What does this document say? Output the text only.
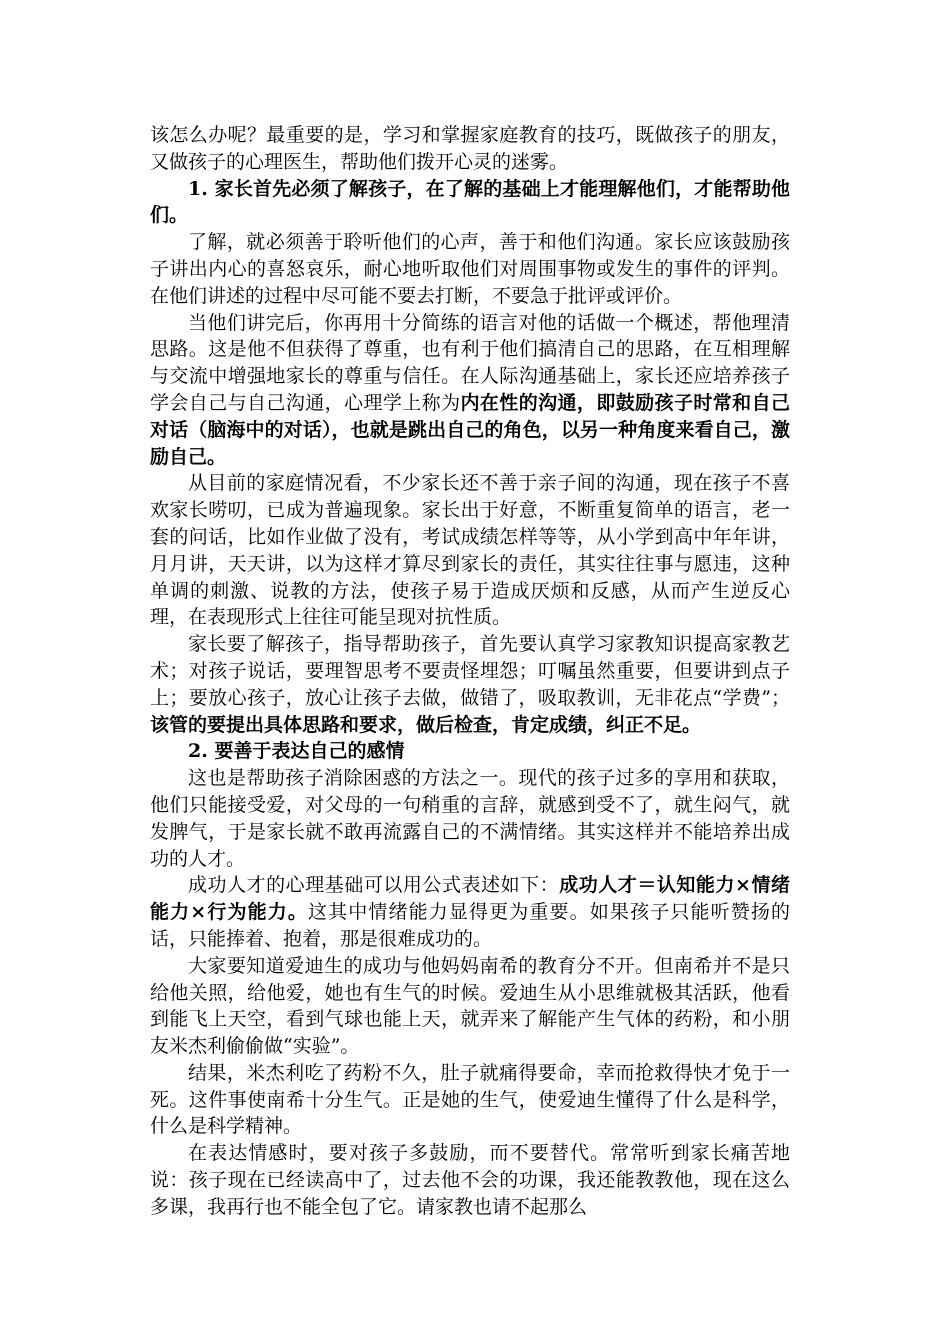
该怎么办呢？最重要的是，学习和掌握家庭教育的技巧，既做孩子的朋友，又做孩子的心理医生，帮助他们拨开心灵的迷雾。

1. 家长首先必须了解孩子，在了解的基础上才能理解他们，才能帮助他们。

了解，就必须善于聆听他们的心声，善于和他们沟通。家长应该鼓励孩子讲出内心的喜怒哀乐，耐心地听取他们对周围事物或发生的事件的评判。在他们讲述的过程中尽可能不要去打断，不要急于批评或评价。

当他们讲完后，你再用十分简练的语言对他的话做一个概述，帮他理清思路。这是他不但获得了尊重，也有利于他们搞清自己的思路，在互相理解与交流中增强地家长的尊重与信任。在人际沟通基础上，家长还应培养孩子学会自己与自己沟通，心理学上称为内在性的沟通，即鼓励孩子时常和自己对话（脑海中的对话），也就是跳出自己的角色，以另一种角度来看自己，激励自己。

从目前的家庭情况看，不少家长还不善于亲子间的沟通，现在孩子不喜欢家长唠叨，已成为普遍现象。家长出于好意，不断重复简单的语言，老一套的问话，比如作业做了没有，考试成绩怎样等等，从小学到高中年年讲，月月讲，天天讲，以为这样才算尽到家长的责任，其实往往事与愿违，这种单调的刺激、说教的方法，使孩子易于造成厌烦和反感，从而产生逆反心理，在表现形式上往往可能呈现对抗性质。

家长要了解孩子，指导帮助孩子，首先要认真学习家教知识提高家教艺术；对孩子说话，要理智思考不要责怪埋怨；叮嘱虽然重要，但要讲到点子上；要放心孩子，放心让孩子去做，做错了，吸取教训，无非花点“学费”；该管的要提出具体思路和要求，做后检查，肯定成绩，纠正不足。

2. 要善于表达自己的感情

这也是帮助孩子消除困惑的方法之一。现代的孩子过多的享用和获取，他们只能接受爱，对父母的一句稍重的言辞，就感到受不了，就生闷气，就发脾气，于是家长就不敢再流露自己的不满情绪。其实这样并不能培养出成功的人才。

成功人才的心理基础可以用公式表述如下：成功人才＝认知能力×情绪能力×行为能力。这其中情绪能力显得更为重要。如果孩子只能听赞扬的话，只能捧着、抱着，那是很难成功的。

大家要知道爱迪生的成功与他妈妈南希的教育分不开。但南希并不是只给他关照，给他爱，她也有生气的时候。爱迪生从小思维就极其活跃，他看到能飞上天空，看到气球也能上天，就弄来了解能产生气体的药粉，和小朋友米杰利偷偷做“实验”。

结果，米杰利吃了药粉不久，肚子就痛得要命，幸而抢救得快才免于一死。这件事使南希十分生气。正是她的生气，使爱迪生懂得了什么是科学，什么是科学精神。

在表达情感时，要对孩子多鼓励，而不要替代。常常听到家长痛苦地说：孩子现在已经读高中了，过去他不会的功课，我还能教教他，现在这么多课，我再行也不能全包了它。请家教也请不起那么
